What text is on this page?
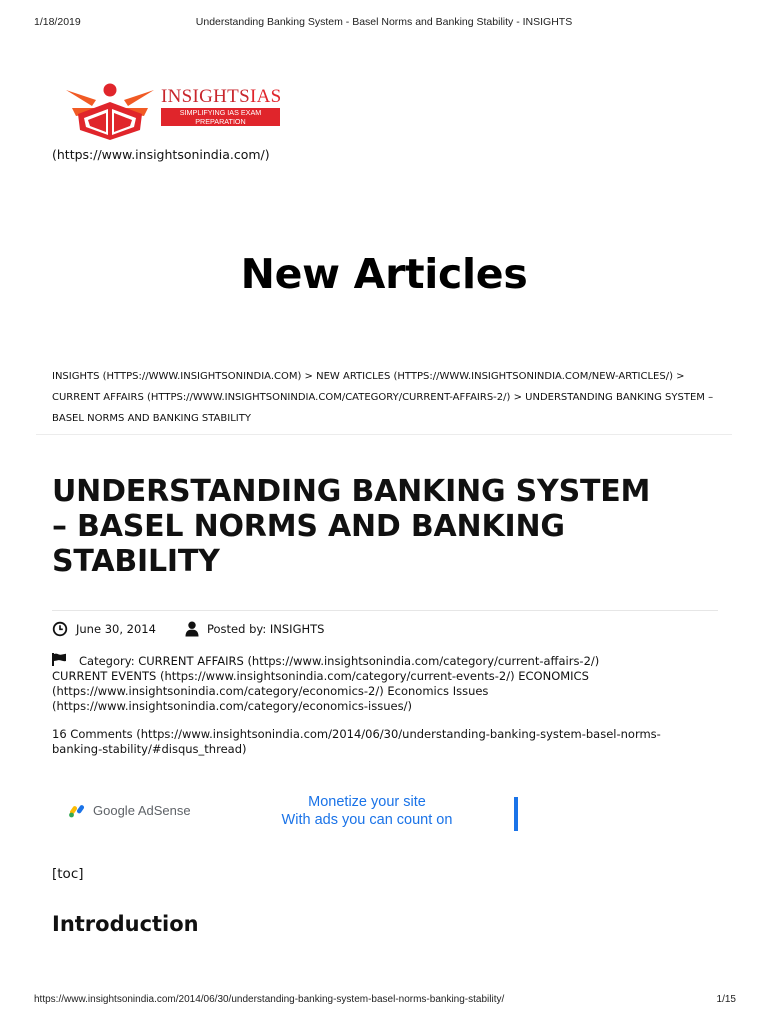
1/18/2019	Understanding Banking System - Basel Norms and Banking Stability - INSIGHTS
INSIGHTSIAS
SIMPLIFYING IAS EXAM
PREPARATION
(https://www.insightsonindia.com/)
New Articles
INSIGHTS (HTTPS://WWW.INSIGHTSONINDIA.COM) > NEW ARTICLES (HTTPS://WWW.INSIGHTSONINDIA.COM/NEW-ARTICLES/) >
CURRENT AFFAIRS (HTTPS://WWW.INSIGHTSONINDIA.COM/CATEGORY/CURRENT-AFFAIRS-2/) > UNDERSTANDING BANKING SYSTEM –
BASEL NORMS AND BANKING STABILITY
UNDERSTANDING BANKING SYSTEM
– BASEL NORMS AND BANKING
STABILITY
June 30, 2014	Posted by: INSIGHTS

Category: CURRENT AFFAIRS (https://www.insightsonindia.com/category/current-affairs-2/)

CURRENT EVENTS (https://www.insightsonindia.com/category/current-events-2/) ECONOMICS

(https://www.insightsonindia.com/category/economics-2/) Economics Issues

(https://www.insightsonindia.com/category/economics-issues/)

16 Comments (https://www.insightsonindia.com/2014/06/30/understanding-banking-system-basel-norms-
banking-stability/#disqus_thread)
Google AdSense	Monetize your site
With ads you can count on
[toc]
Introduction
https://www.insightsonindia.com/2014/06/30/understanding-banking-system-basel-norms-banking-stability/	1/15
